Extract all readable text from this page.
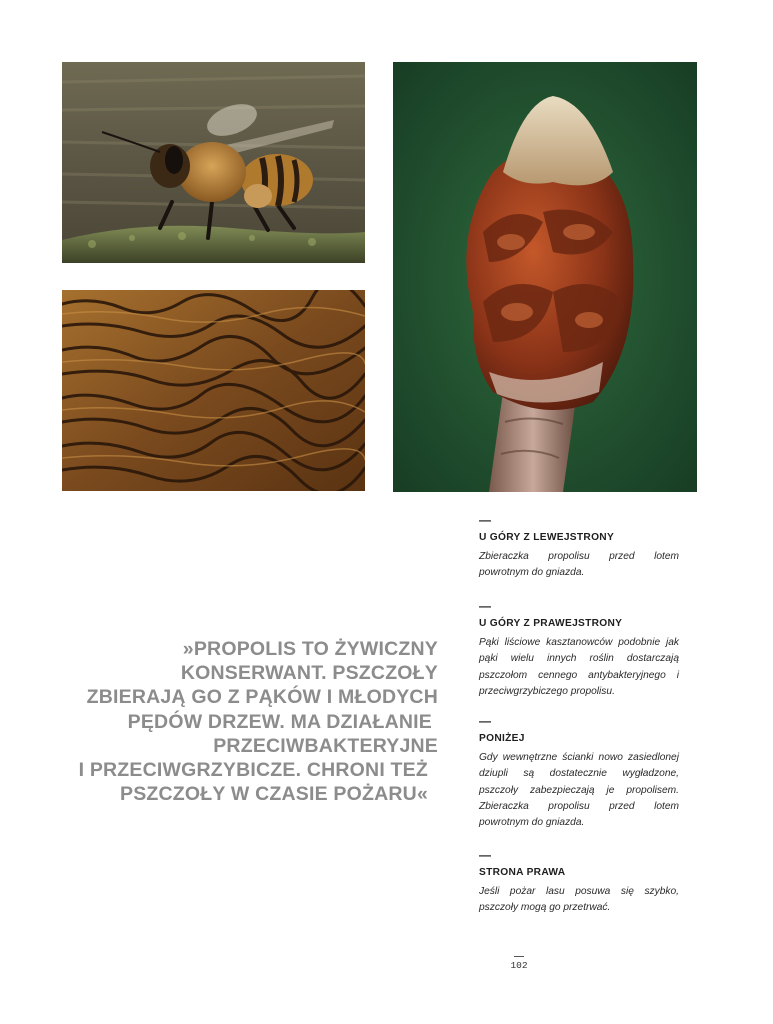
»PROPOLIS TO ŻYWICZNY
KONSERWANT. PSZCZOŁY
ZBIERAJĄ GO Z PĄKÓW I MŁODYCH
PĘDÓW DRZEW. MA DZIAŁANIE
PRZECIWBAKTERYJNE
I PRZECIWGRZYBICZE. CHRONI TEŻ
PSZCZOŁY W CZASIE POŻARU«
—
U GÓRY Z LEWEJSTRONY
Zbieraczka propolisu przed lotem powrotnym do gniazda.
—
U GÓRY Z PRAWEJSTRONY
Pąki liściowe kasztanowców podobnie jak pąki wielu innych roślin dostarczają pszczołom cennego antybakteryjnego i przeciwgrzybiczego propolisu.
—
PONIŻEJ
Gdy wewnętrzne ścianki nowo zasiedlonej dziupli są dostatecznie wygładzone, pszczoły zabezpieczają je propolisem. Zbieraczka propolisu przed lotem powrotnym do gniazda.
—
STRONA PRAWA
Jeśli pożar lasu posuwa się szybko, pszczoły mogą go przetrwać.
102
